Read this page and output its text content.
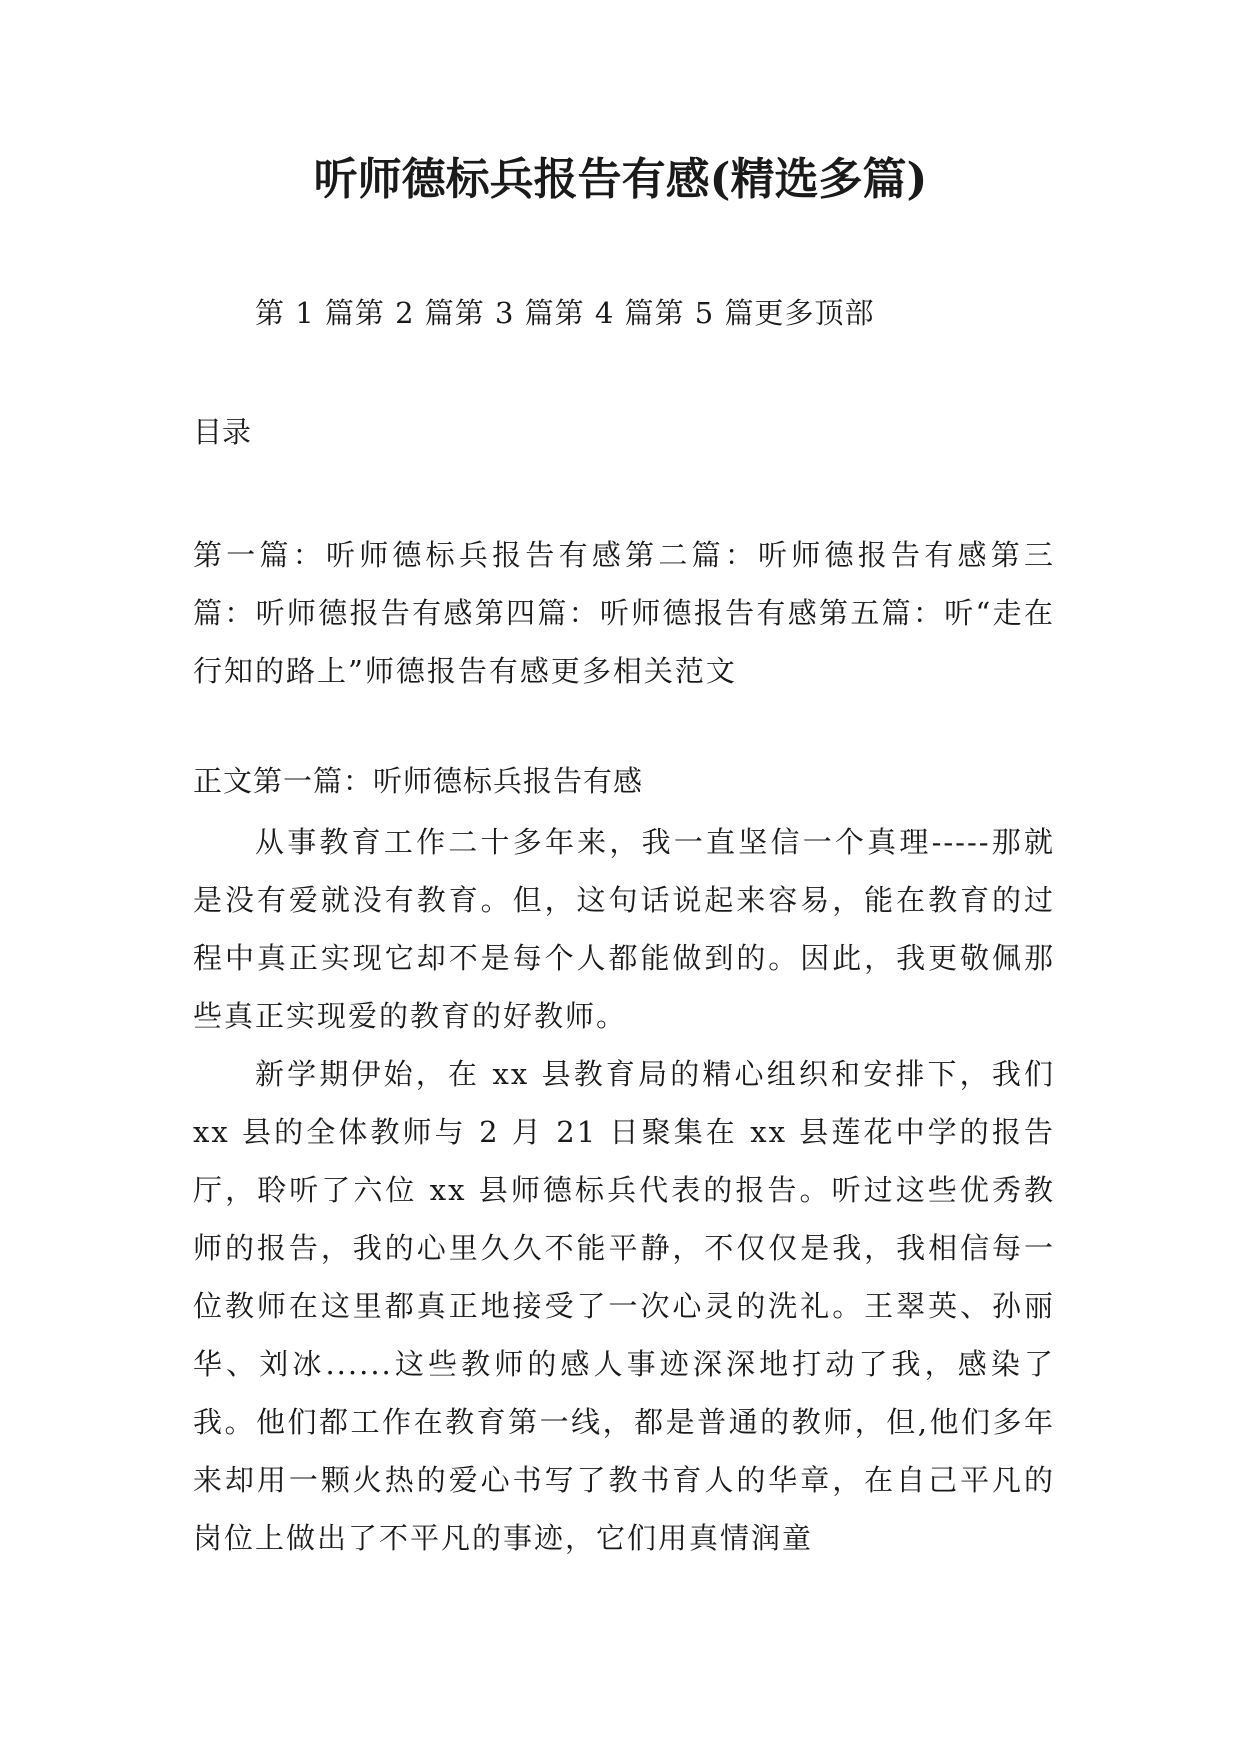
听师德标兵报告有感(精选多篇)
第 1 篇第 2 篇第 3 篇第 4 篇第 5 篇更多顶部
目录
第一篇：听师德标兵报告有感第二篇：听师德报告有感第三篇：听师德报告有感第四篇：听师德报告有感第五篇：听“走在行知的路上”师德报告有感更多相关范文
正文第一篇：听师德标兵报告有感

从事教育工作二十多年来，我一直坚信一个真理-----那就是没有爱就没有教育。但，这句话说起来容易，能在教育的过程中真正实现它却不是每个人都能做到的。因此，我更敬佩那些真正实现爱的教育的好教师。

新学期伊始，在 xx 县教育局的精心组织和安排下，我们 xx 县的全体教师与 2 月 21 日聚集在 xx 县莲花中学的报告厅，聆听了六位 xx 县师德标兵代表的报告。听过这些优秀教师的报告，我的心里久久不能平静，不仅仅是我，我相信每一位教师在这里都真正地接受了一次心灵的洗礼。王翠英、孙丽华、刘冰......这些教师的感人事迹深深地打动了我，感染了我。他们都工作在教育第一线，都是普通的教师，但,他们多年来却用一颗火热的爱心书写了教书育人的华章，在自己平凡的岗位上做出了不平凡的事迹，它们用真情润童
